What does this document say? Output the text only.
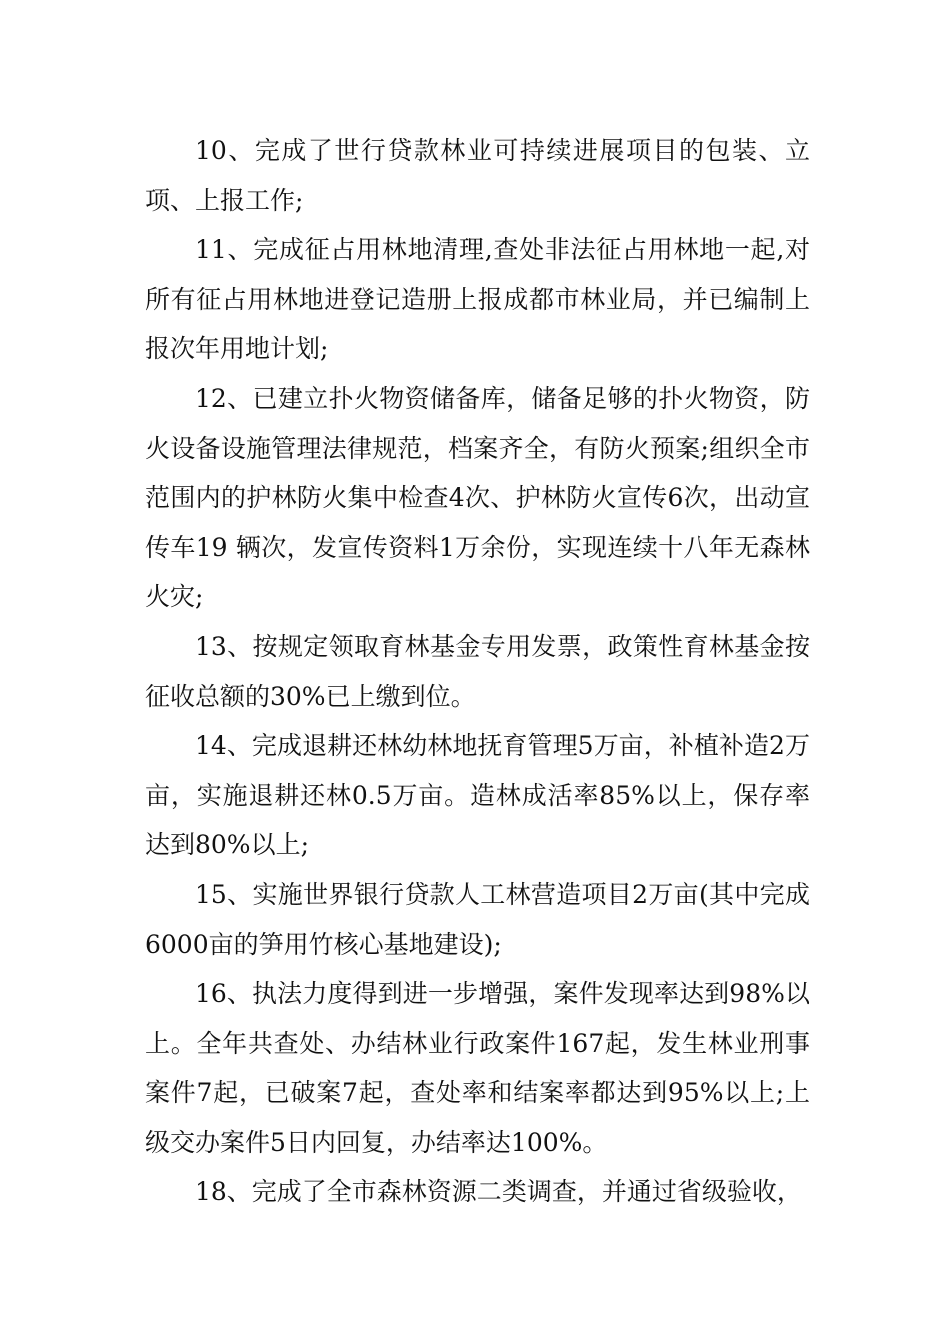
10、完成了世行贷款林业可持续进展项目的包装、立项、上报工作;

11、完成征占用林地清理,查处非法征占用林地一起,对所有征占用林地进登记造册上报成都市林业局，并已编制上报次年用地计划;

12、已建立扑火物资储备库，储备足够的扑火物资，防火设备设施管理法律规范，档案齐全，有防火预案;组织全市范围内的护林防火集中检查4次、护林防火宣传6次，出动宣传车19 辆次，发宣传资料1万余份，实现连续十八年无森林火灾;

13、按规定领取育林基金专用发票，政策性育林基金按征收总额的30%已上缴到位。

14、完成退耕还林幼林地抚育管理5万亩，补植补造2万亩，实施退耕还林0.5万亩。造林成活率85%以上，保存率达到80%以上;

15、实施世界银行贷款人工林营造项目2万亩(其中完成6000亩的笋用竹核心基地建设);

16、执法力度得到进一步增强，案件发现率达到98%以上。全年共查处、办结林业行政案件167起，发生林业刑事案件7起，已破案7起，查处率和结案率都达到95%以上;上级交办案件5日内回复，办结率达100%。

18、完成了全市森林资源二类调查，并通过省级验收，
